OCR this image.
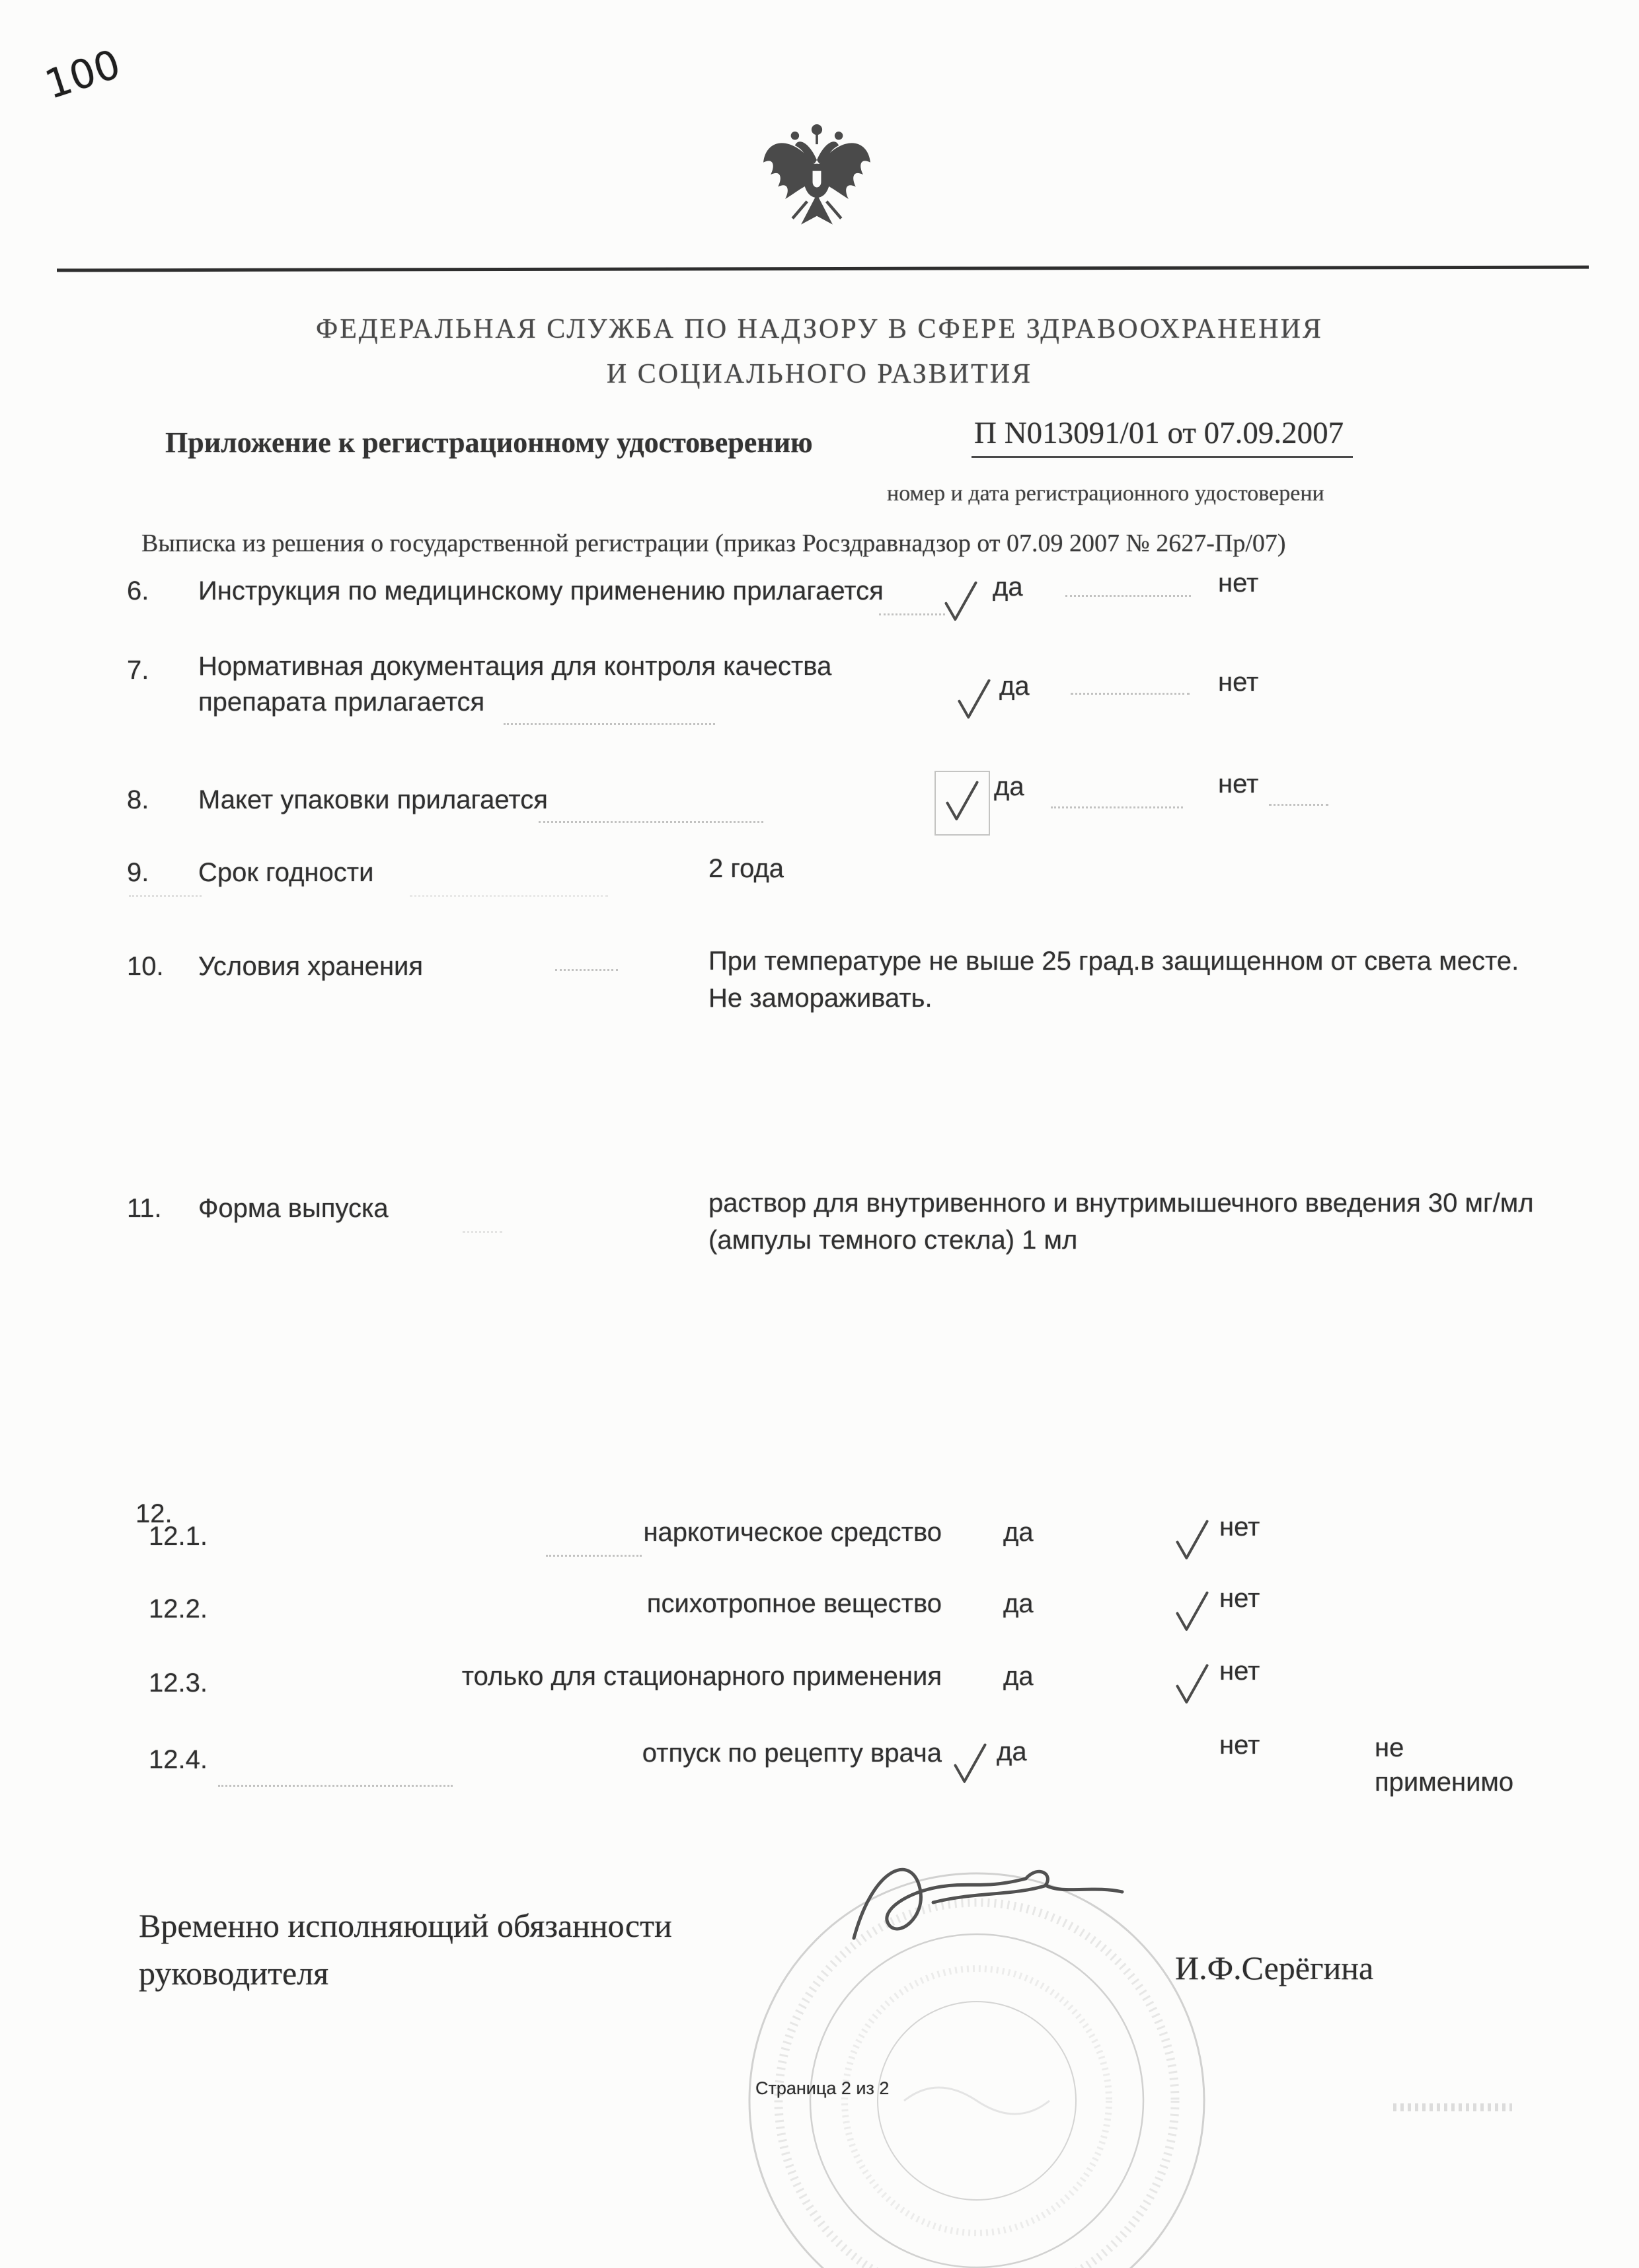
100
ФЕДЕРАЛЬНАЯ СЛУЖБА ПО НАДЗОРУ В СФЕРЕ ЗДРАВООХРАНЕНИЯ
И СОЦИАЛЬНОГО РАЗВИТИЯ
Приложение к регистрационному удостоверению	П N013091/01 от 07.09.2007
номер и дата регистрационного удостоверени
Выписка из решения о государственной регистрации (приказ Росздравнадзор от 07.09 2007 № 2627-Пр/07)
6. Инструкция по медицинскому применению прилагается	да	нет
7. Нормативная документация для контроля качества
препарата прилагается
да	нет
8. Макет упаковки прилагается	да	нет
9. Срок годности	2 года
10. Условия хранения	При температуре не выше 25 град.в защищенном от света месте.
Не замораживать.
11. Форма выпуска	раствор для внутривенного и внутримышечного введения 30 мг/мл
(ампулы темного стекла) 1 мл
12.
12.1.	наркотическое средство да	нет
12.2.	психотропное вещество да	нет
12.3.	только для стационарного применения да	нет
12.4.	отпуск по рецепту врача да	нет	не
применимо
Временно исполняющий обязанности
руководителя	И.Ф.Серёгина
Страница 2 из 2
